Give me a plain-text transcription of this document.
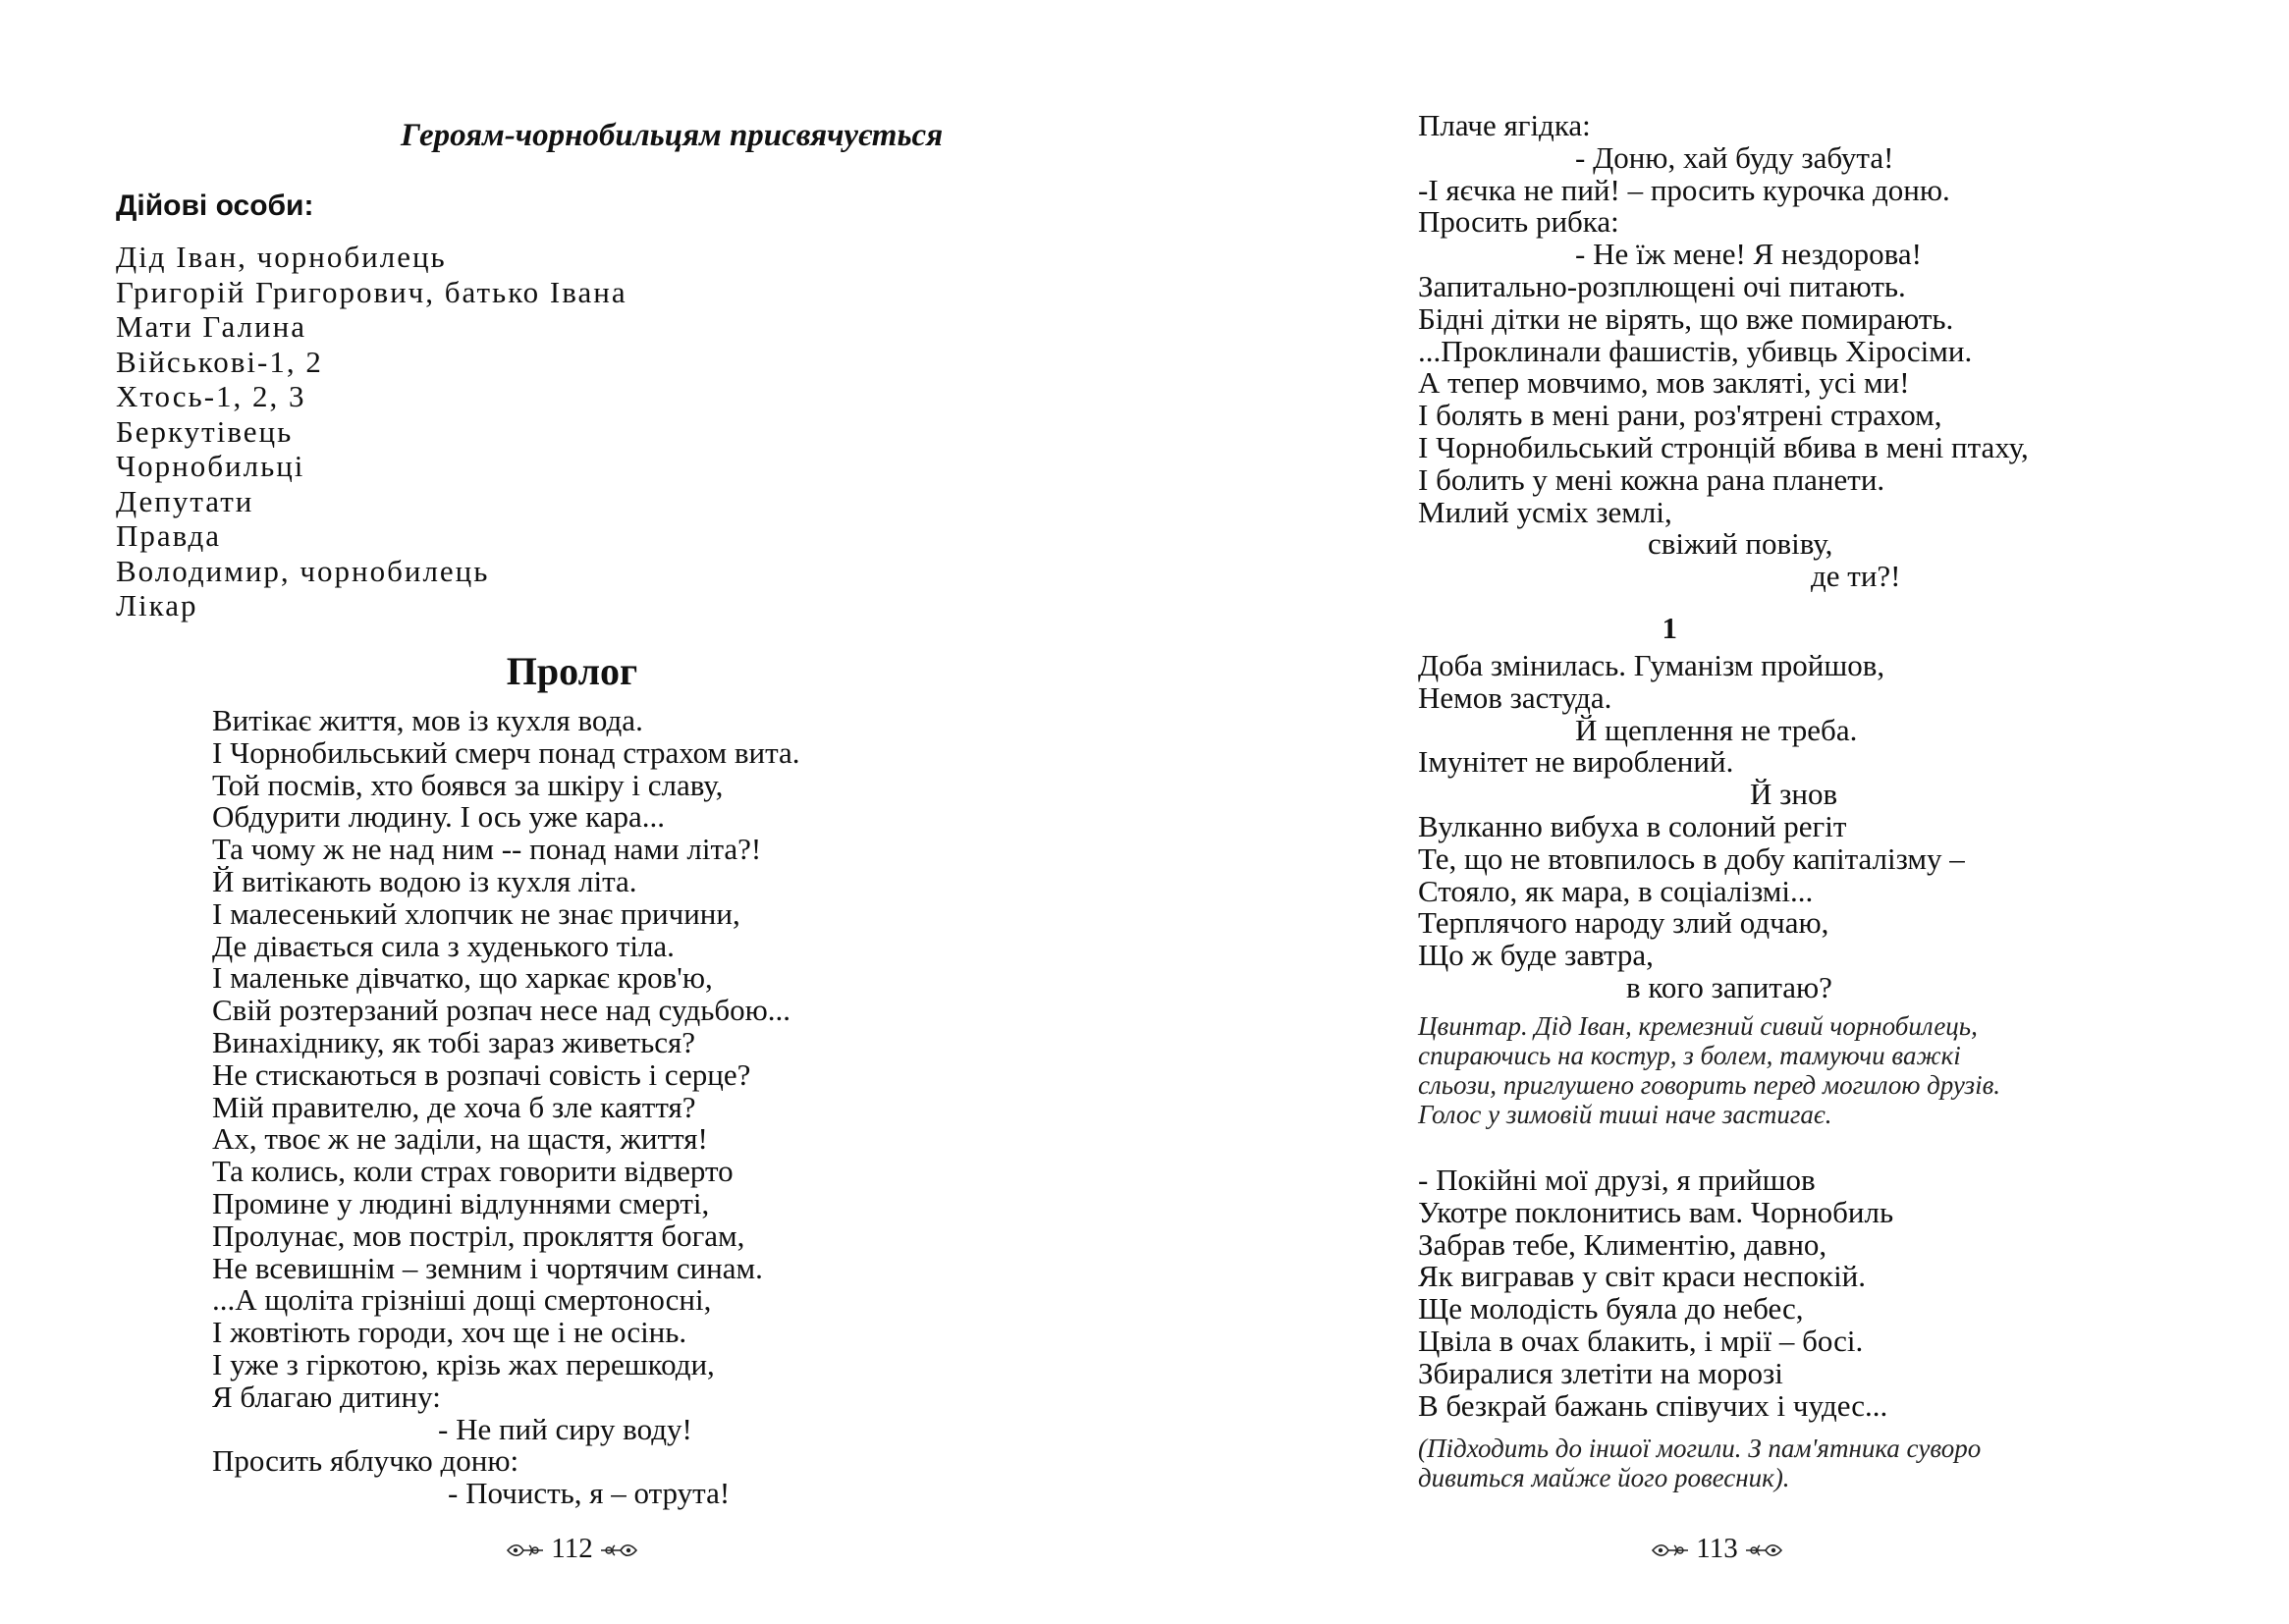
Героям-чорнобильцям присвячується
Дійові особи:
Дід Іван, чорнобилець
Григорій Григорович, батько Івана
Мати Галина
Військові-1, 2
Хтось-1, 2, 3
Беркутівець
Чорнобильці
Депутати
Правда
Володимир, чорнобилець
Лікар
Пролог
Витікає життя, мов із кухля вода.
І Чорнобильський смерч понад страхом вита.
Той посмів, хто боявся за шкіру і славу,
Обдурити людину. І ось уже кара...
Та чому ж не над ним -- понад нами літа?!
Й витікають водою із кухля літа.
І малесенький хлопчик не знає причини,
Де дівається сила з худенького тіла.
І маленьке дівчатко, що харкає кров'ю,
Свій розтерзаний розпач несе над судьбою...
Винахіднику, як тобі зараз живеться?
Не стискаються в розпачі совість і серце?
Мій правителю, де хоча б зле каяття?
Ах, твоє ж не заділи, на щастя, життя!
Та колись, коли страх говорити відверто
Промине у людині відлуннями смерті,
Пролунає, мов постріл, прокляття богам,
Не всевишнім – земним і чортячим синам.
...А щоліта грізніші дощі смертоносні,
І жовтіють городи, хоч ще і не осінь.
І уже з гіркотою, крізь жах перешкоди,
Я благаю дитину:
- Не пий сиру воду!
Просить яблучко доню:
- Почисть, я – отрута!
112
Плаче ягідка:
- Доню, хай буду забута!
-І яєчка не пий! – просить курочка доню.
Просить рибка:
- Не їж мене! Я нездорова!
Запитально-розплющені очі питають.
Бідні дітки не вірять, що вже помирають.
...Проклинали фашистів, убивць Хіросіми.
А тепер мовчимо, мов закляті, усі ми!
І болять в мені рани, роз'ятрені страхом,
І Чорнобильський стронцій вбива в мені птаху,
І болить у мені кожна рана планети.
Милий усміх землі,
свіжий повіву,
де ти?!
1
Доба змінилась. Гуманізм пройшов,
Немов застуда.
Й щеплення не треба.
Імунітет не вироблений.
Й знов
Вулканно вибуха в солоний регіт
Те, що не втовпилось в добу капіталізму –
Стояло, як мара, в соціалізмі...
Терплячого народу злий одчаю,
Що ж буде завтра,
в кого запитаю?
Цвинтар. Дід Іван, кремезний сивий чорнобилець,
спираючись на костур, з болем, тамуючи важкі
сльози, приглушено говорить перед могилою друзів.
Голос у зимовій тиші наче застигає.
- Покійні мої друзі, я прийшов
Укотре поклонитись вам. Чорнобиль
Забрав тебе, Климентію, давно,
Як вигравав у світ краси неспокій.
Ще молодість буяла до небес,
Цвіла в очах блакить, і мрії – босі.
Збиралися злетіти на морозі
В безкрай бажань співучих і чудес...
(Підходить до іншої могили. З пам'ятника суворо
дивиться майже його ровесник).
113
